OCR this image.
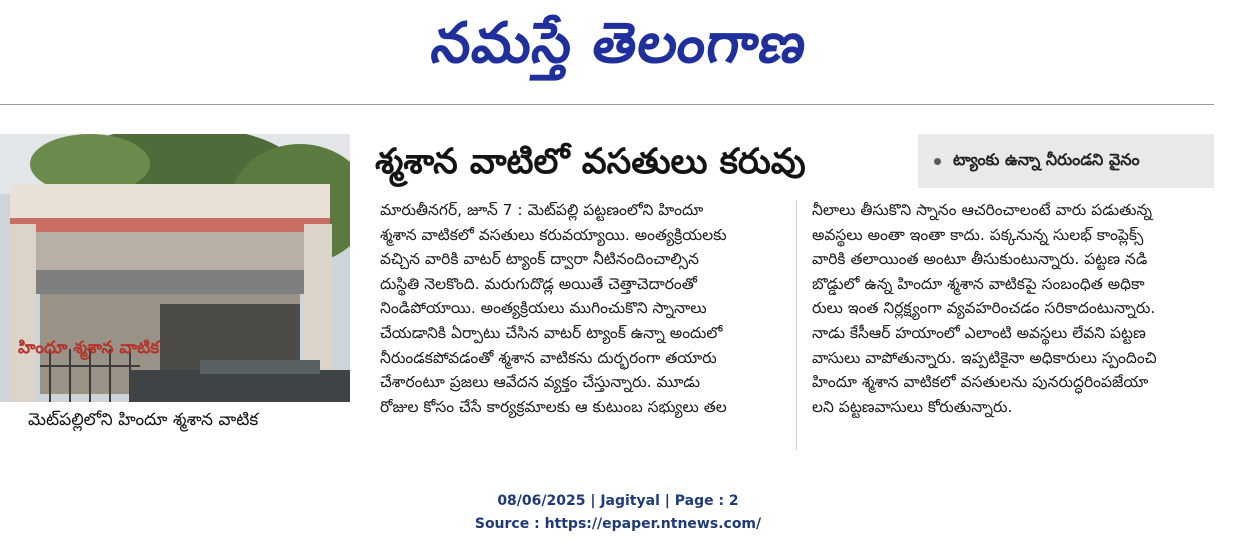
నమస్తే తెలంగాణ
హిందూ శ్మశాన వాటిక
మెట్‌పల్లిలోని హిందూ శ్మశాన వాటిక
శ్మశాన వాటిలో వసతులు కరువు	ట్యాంకు ఉన్నా నీరుండని వైనం

మారుతీనగర్, జూన్ 7 : మెట్‌పల్లి పట్టణంలోని హిందూ

శ్మశాన వాటికలో వసతులు కరువయ్యాయి. అంత్యక్రియలకు

వచ్చిన వారికి వాటర్ ట్యాంక్ ద్వారా నీటినందించాల్సిన

దుస్థితి నెలకొంది. మరుగుదొడ్ల అయితే చెత్తాచెదారంతో

నిండిపోయాయి. అంత్యక్రియలు ముగించుకొని స్నానాలు

చేయడానికి ఏర్పాటు చేసిన వాటర్ ట్యాంక్ ఉన్నా అందులో

నీరుండకపోవడంతో శ్మశాన వాటికను దుర్భరంగా తయారు

చేశారంటూ ప్రజలు ఆవేదన వ్యక్తం చేస్తున్నారు. మూడు

రోజుల కోసం చేసే కార్యక్రమాలకు ఆ కుటుంబ సభ్యులు తల

నీలాలు తీసుకొని స్నానం ఆచరించాలంటే వారు పడుతున్న

అవస్థలు అంతా ఇంతా కాదు. పక్కనున్న సులభ్ కాంప్లెక్స్

వారికి తలాయింత అంటూ తీసుకుంటున్నారు. పట్టణ నడి

బొడ్డులో ఉన్న హిందూ శ్మశాన వాటికపై సంబంధిత అధికా

రులు ఇంత నిర్లక్ష్యంగా వ్యవహరించడం సరికాదంటున్నారు.

నాడు కేసీఆర్ హయాంలో ఎలాంటి అవస్థలు లేవని పట్టణ

వాసులు వాపోతున్నారు. ఇప్పటికైనా అధికారులు స్పందించి

హిందూ శ్మశాన వాటికలో వసతులను పునరుద్ధరింపజేయా

లని పట్టణవాసులు కోరుతున్నారు.

08/06/2025 | Jagityal | Page : 2
Source : https://epaper.ntnews.com/
